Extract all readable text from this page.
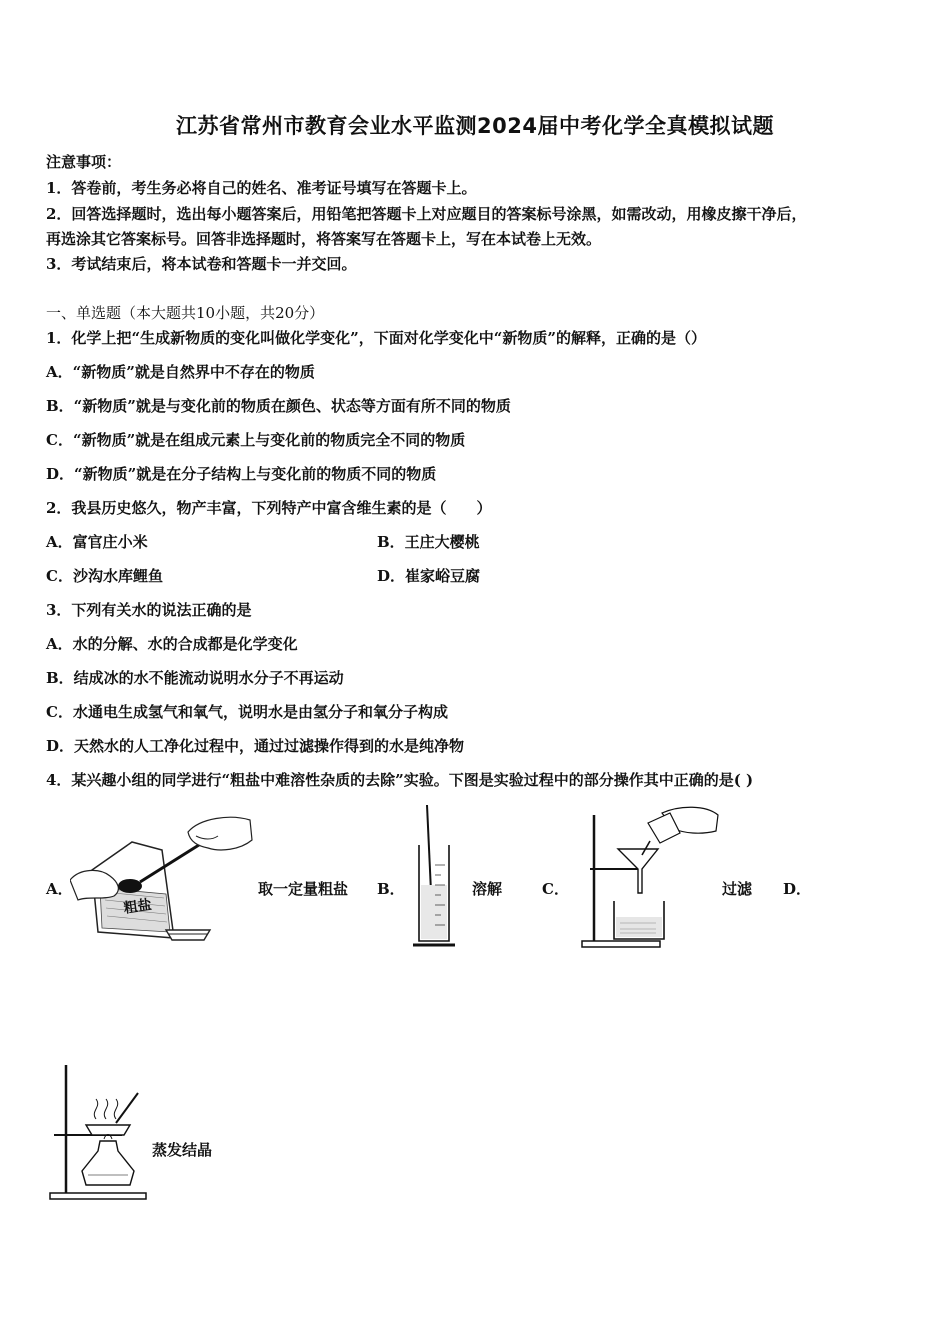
江苏省常州市教育会业水平监测2024届中考化学全真模拟试题
注意事项：
1．答卷前，考生务必将自己的姓名、准考证号填写在答题卡上。
2．回答选择题时，选出每小题答案后，用铅笔把答题卡上对应题目的答案标号涂黑，如需改动，用橡皮擦干净后，
再选涂其它答案标号。回答非选择题时，将答案写在答题卡上，写在本试卷上无效。
3．考试结束后，将本试卷和答题卡一并交回。
一、单选题（本大题共10小题，共20分）
1．化学上把“生成新物质的变化叫做化学变化”，下面对化学变化中“新物质”的解释，正确的是（）
A．“新物质”就是自然界中不存在的物质
B．“新物质”就是与变化前的物质在颜色、状态等方面有所不同的物质
C．“新物质”就是在组成元素上与变化前的物质完全不同的物质
D．“新物质”就是在分子结构上与变化前的物质不同的物质
2．我县历史悠久，物产丰富，下列特产中富含维生素的是（　　）
A．富官庄小米	B．王庄大樱桃
C．沙沟水库鲤鱼	D．崔家峪豆腐
3．下列有关水的说法正确的是
A．水的分解、水的合成都是化学变化
B．结成冰的水不能流动说明水分子不再运动
C．水通电生成氢气和氧气，说明水是由氢分子和氧分子构成
D．天然水的人工净化过程中，通过过滤操作得到的水是纯净物
4．某兴趣小组的同学进行“粗盐中难溶性杂质的去除”实验。下图是实验过程中的部分操作其中正确的是( )
A．
粗盐
取一定量粗盐 B．	溶解	C．	过滤 D．
蒸发结晶
